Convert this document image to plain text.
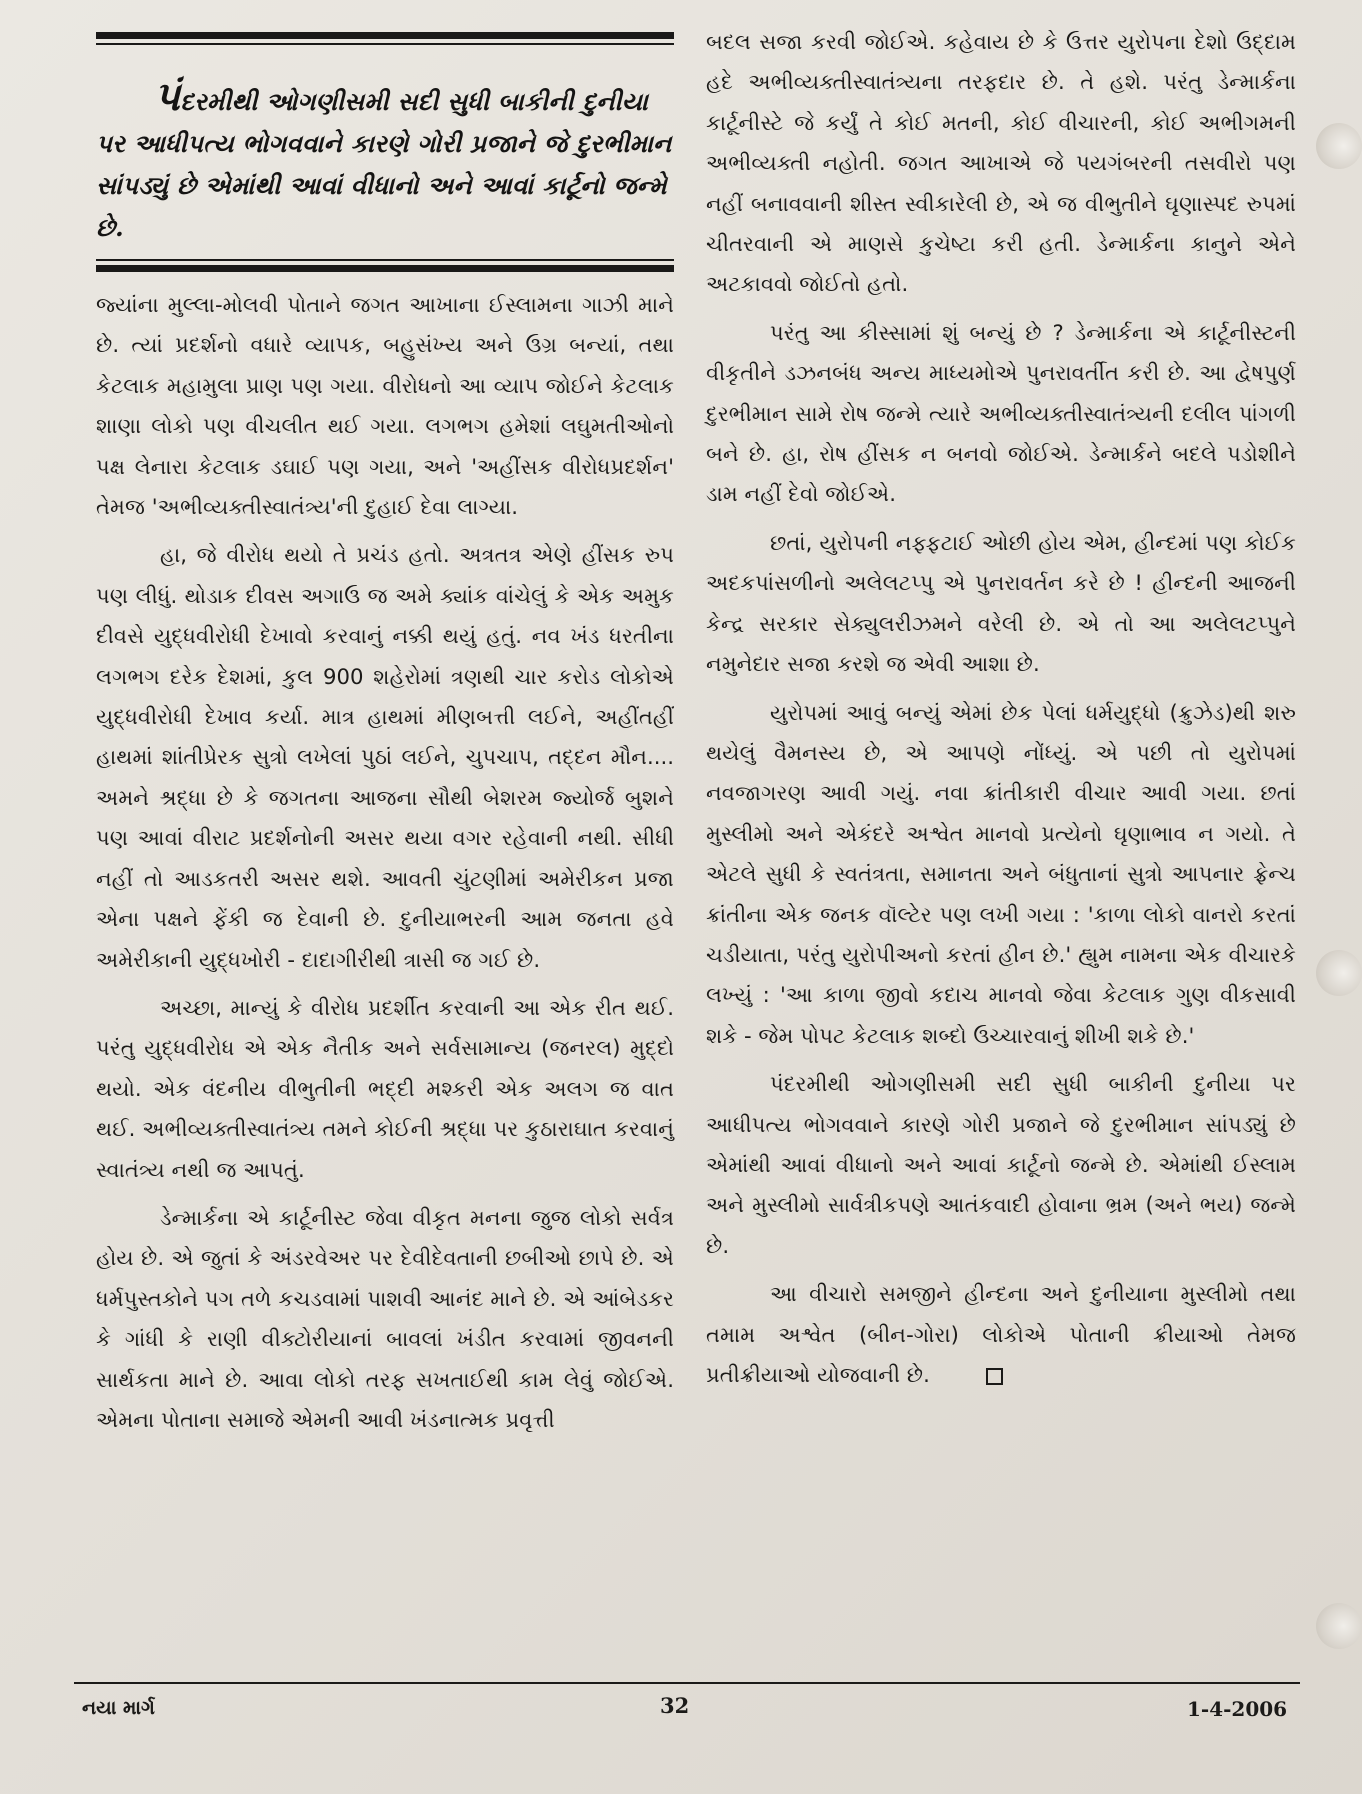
પંદરમીથી ઓગણીસમી સદી સુધી બાકીની દુનીયા પર આધીપત્ય ભોગવવાને કારણે ગોરી પ્રજાને જે દુરભીમાન સાંપડ્યું છે એમાંથી આવાં વીધાનો અને આવાં કાર્ટૂનો જન્મે છે.

જ્યાંના મુલ્લા-મોલવી પોતાને જગત આખાના ઈસ્લામના ગાઝી માને છે. ત્યાં પ્રદર્શનો વધારે વ્યાપક, બહુસંખ્ય અને ઉગ્ર બન્યાં, તથા કેટલાક મહામુલા પ્રાણ પણ ગયા. વીરોધનો આ વ્યાપ જોઈને કેટલાક શાણા લોકો પણ વીચલીત થઈ ગયા. લગભગ હમેશાં લઘુમતીઓનો પક્ષ લેનારા કેટલાક ડઘાઈ પણ ગયા, અને 'અહીંસક વીરોધપ્રદર્શન' તેમજ 'અભીવ્યક્તીસ્વાતંત્ર્ય'ની દુહાઈ દેવા લાગ્યા.

હા, જે વીરોધ થયો તે પ્રચંડ હતો. અત્રતત્ર એણે હીંસક રુપ પણ લીધું. થોડાક દીવસ અગાઉ જ અમે ક્યાંક વાંચેલું કે એક અમુક દીવસે યુદ્ધવીરોધી દેખાવો કરવાનું નક્કી થયું હતું. નવ ખંડ ધરતીના લગભગ દરેક દેશમાં, કુલ 900 શહેરોમાં ત્રણથી ચાર કરોડ લોકોએ યુદ્ધવીરોધી દેખાવ કર્યા. માત્ર હાથમાં મીણબત્તી લઈને, અહીંતહીં હાથમાં શાંતીપ્રેરક સુત્રો લખેલાં પુઠાં લઈને, ચુપચાપ, તદ્દન મૌન.... અમને શ્રદ્ધા છે કે જગતના આજના સૌથી બેશરમ જ્યોર્જ બુશને પણ આવાં વીરાટ પ્રદર્શનોની અસર થયા વગર રહેવાની નથી. સીધી નહીં તો આડકતરી અસર થશે. આવતી ચુંટણીમાં અમેરીકન પ્રજા એના પક્ષને ફેંકી જ દેવાની છે. દુનીયાભરની આમ જનતા હવે અમેરીકાની યુદ્ધખોરી - દાદાગીરીથી ત્રાસી જ ગઈ છે.

અચ્છા, માન્યું કે વીરોધ પ્રદર્શીત કરવાની આ એક રીત થઈ. પરંતુ યુદ્ધવીરોધ એ એક નૈતીક અને સર્વસામાન્ય (જનરલ) મુદ્દો થયો. એક વંદનીય વીભુતીની ભદ્દી મશ્કરી એક અલગ જ વાત થઈ. અભીવ્યક્તીસ્વાતંત્ર્ય તમને કોઈની શ્રદ્ધા પર કુઠારાઘાત કરવાનું સ્વાતંત્ર્ય નથી જ આપતું.

ડેન્માર્કના એ કાર્ટૂનીસ્ટ જેવા વીકૃત મનના જુજ લોકો સર્વત્ર હોય છે. એ જુતાં કે અંડરવેઅર પર દેવીદેવતાની છબીઓ છાપે છે. એ ધર્મપુસ્તકોને પગ તળે કચડવામાં પાશવી આનંદ માને છે. એ આંબેડકર કે ગાંધી કે રાણી વીક્ટોરીયાનાં બાવલાં ખંડીત કરવામાં જીવનની સાર્થકતા માને છે. આવા લોકો તરફ સખતાઈથી કામ લેવું જોઈએ. એમના પોતાના સમાજે એમની આવી ખંડનાત્મક પ્રવૃત્તી

બદલ સજા કરવી જોઈએ. કહેવાય છે કે ઉત્તર યુરોપના દેશો ઉદ્દામ હદે અભીવ્યક્તીસ્વાતંત્ર્યના તરફદાર છે. તે હશે. પરંતુ ડેન્માર્કના કાર્ટૂનીસ્ટે જે કર્યું તે કોઈ મતની, કોઈ વીચારની, કોઈ અભીગમની અભીવ્યક્તી નહોતી. જગત આખાએ જે પયગંબરની તસવીરો પણ નહીં બનાવવાની શીસ્ત સ્વીકારેલી છે, એ જ વીભુતીને ઘૃણાસ્પદ રુપમાં ચીતરવાની એ માણસે કુચેષ્ટા કરી હતી. ડેન્માર્કના કાનુને એને અટકાવવો જોઈતો હતો.

પરંતુ આ કીસ્સામાં શું બન્યું છે ? ડેન્માર્કના એ કાર્ટૂનીસ્ટની વીકૃતીને ડઝનબંધ અન્ય માધ્યમોએ પુનરાવર્તીત કરી છે. આ દ્વેષપુર્ણ દુરભીમાન સામે રોષ જન્મે ત્યારે અભીવ્યક્તીસ્વાતંત્ર્યની દલીલ પાંગળી બને છે. હા, રોષ હીંસક ન બનવો જોઈએ. ડેન્માર્કને બદલે પડોશીને ડામ નહીં દેવો જોઈએ.

છતાં, યુરોપની નફ્ફટાઈ ઓછી હોય એમ, હીન્દમાં પણ કોઈક અદકપાંસળીનો અલેલટપ્પુ એ પુનરાવર્તન કરે છે ! હીન્દની આજની કેન્દ્ર સરકાર સેક્યુલરીઝમને વરેલી છે. એ તો આ અલેલટપ્પુને નમુનેદાર સજા કરશે જ એવી આશા છે.

યુરોપમાં આવું બન્યું એમાં છેક પેલાં ધર્મયુદ્ધો (ક્રુઝેડ)થી શરુ થયેલું વૈમનસ્ય છે, એ આપણે નોંધ્યું. એ પછી તો યુરોપમાં નવજાગરણ આવી ગયું. નવા ક્રાંતીકારી વીચાર આવી ગયા. છતાં મુસ્લીમો અને એકંદરે અશ્વેત માનવો પ્રત્યેનો ઘૃણાભાવ ન ગયો. તે એટલે સુધી કે સ્વતંત્રતા, સમાનતા અને બંધુતાનાં સુત્રો આપનાર ફ્રેન્ચ ક્રાંતીના એક જનક વૉલ્ટેર પણ લખી ગયા : 'કાળા લોકો વાનરો કરતાં ચડીયાતા, પરંતુ યુરોપીઅનો કરતાં હીન છે.' હ્યુમ નામના એક વીચારકે લખ્યું : 'આ કાળા જીવો કદાચ માનવો જેવા કેટલાક ગુણ વીકસાવી શકે - જેમ પોપટ કેટલાક શબ્દો ઉચ્ચારવાનું શીખી શકે છે.'

પંદરમીથી ઓગણીસમી સદી સુધી બાકીની દુનીયા પર આધીપત્ય ભોગવવાને કારણે ગોરી પ્રજાને જે દુરભીમાન સાંપડ્યું છે એમાંથી આવાં વીધાનો અને આવાં કાર્ટૂનો જન્મે છે. એમાંથી ઈસ્લામ અને મુસ્લીમો સાર્વત્રીકપણે આતંકવાદી હોવાના ભ્રમ (અને ભય) જન્મે છે.

આ વીચારો સમજીને હીન્દના અને દુનીયાના મુસ્લીમો તથા તમામ અશ્વેત (બીન-ગોરા) લોકોએ પોતાની ક્રીયાઓ તેમજ પ્રતીક્રીયાઓ યોજવાની છે.

નયા માર્ગ	32	1-4-2006
